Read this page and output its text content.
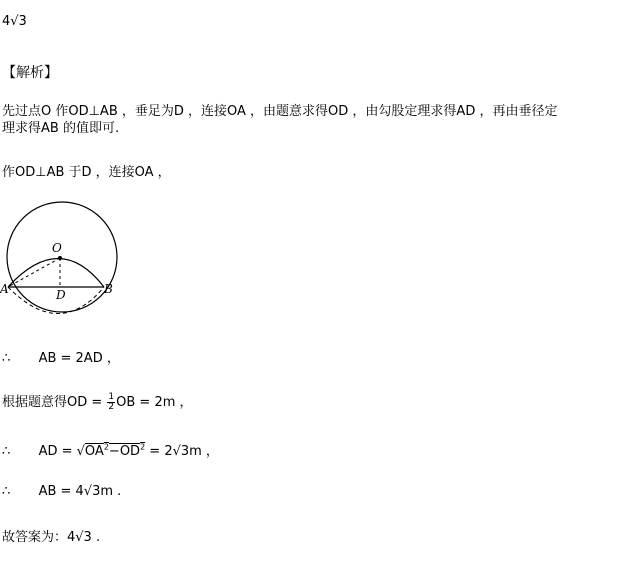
4√3
【解析】
先过点O 作OD⊥AB ，垂足为D ，连接OA ，由题意求得OD ，由勾股定理求得AD ，再由垂径定
理求得AB 的值即可.
作OD⊥AB 于D ，连接OA ，
O
A	B
D
∴ AB = 2AD ，
根据题意得OD = $\frac{1}{2}$ OB = 2m ，
∴ AD = $√OA^2-OD^2 = 2√3m$ ，
∴ AB = 4√3m .
故答案为：4√3 .
